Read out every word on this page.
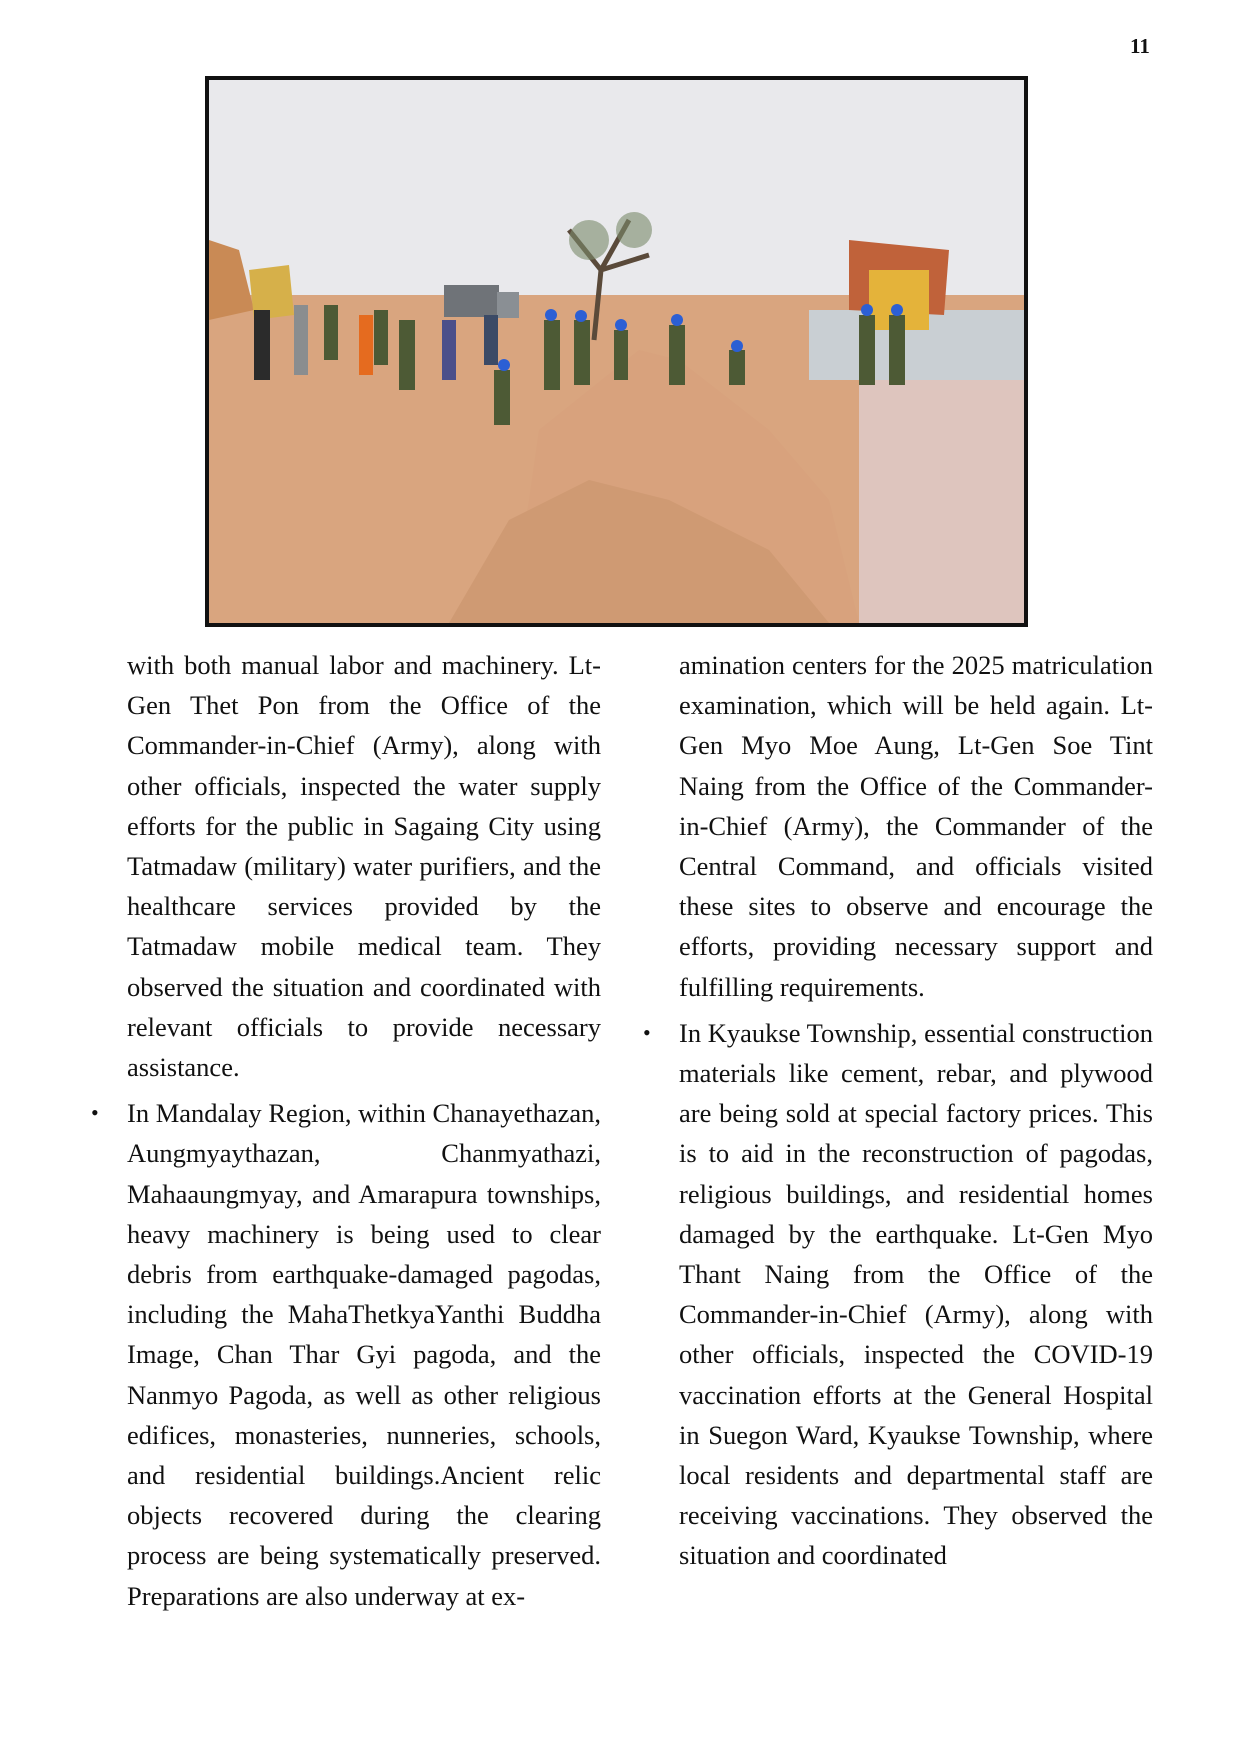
11

with both manual labor and machinery. Lt-Gen Thet Pon from the Office of the Commander-in-Chief (Army), along with other officials, inspected the water supply efforts for the public in Sagaing City using Tatmadaw (military) water purifiers, and the healthcare services provided by the Tatmadaw mobile medical team. They observed the situation and coordinated with relevant officials to provide necessary assistance.

•	In Mandalay Region, within Chanayethazan, Aungmyaythazan, Chanmyathazi, Mahaaungmyay, and Amarapura townships, heavy machinery is being used to clear debris from earthquake-damaged pagodas, including the MahaThetkyaYanthi Buddha Image, Chan Thar Gyi pagoda, and the Nanmyo Pagoda, as well as other religious edifices, monasteries, nunneries, schools, and residential buildings.Ancient relic objects recovered during the clearing process are being systematically preserved. Preparations are also underway at ex-

amination centers for the 2025 matriculation examination, which will be held again. Lt-Gen Myo Moe Aung, Lt-Gen Soe Tint Naing from the Office of the Commander-in-Chief (Army), the Commander of the Central Command, and officials visited these sites to observe and encourage the efforts, providing necessary support and fulfilling requirements.

•	In Kyaukse Township, essential construction materials like cement, rebar, and plywood are being sold at special factory prices. This is to aid in the reconstruction of pagodas, religious buildings, and residential homes damaged by the earthquake. Lt-Gen Myo Thant Naing from the Office of the Commander-in-Chief (Army), along with other officials, inspected the COVID-19 vaccination efforts at the General Hospital in Suegon Ward, Kyaukse Township, where local residents and departmental staff are receiving vaccinations. They observed the situation and coordinated
